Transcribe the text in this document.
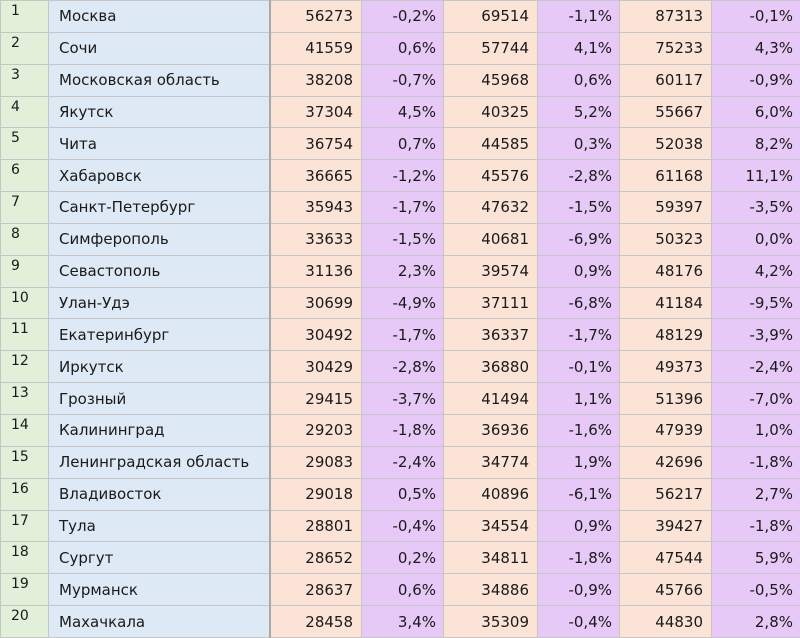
1	Москва	56273	-0,2%	69514	-1,1%	87313	-0,1%
2	Сочи	41559	0,6%	57744	4,1%	75233	4,3%
3	Московская область	38208	-0,7%	45968	0,6%	60117	-0,9%
4	Якутск	37304	4,5%	40325	5,2%	55667	6,0%
5	Чита	36754	0,7%	44585	0,3%	52038	8,2%
6	Хабаровск	36665	-1,2%	45576	-2,8%	61168	11,1%
7	Санкт-Петербург	35943	-1,7%	47632	-1,5%	59397	-3,5%
8	Симферополь	33633	-1,5%	40681	-6,9%	50323	0,0%
9	Севастополь	31136	2,3%	39574	0,9%	48176	4,2%
10	Улан-Удэ	30699	-4,9%	37111	-6,8%	41184	-9,5%
11	Екатеринбург	30492	-1,7%	36337	-1,7%	48129	-3,9%
12	Иркутск	30429	-2,8%	36880	-0,1%	49373	-2,4%
13	Грозный	29415	-3,7%	41494	1,1%	51396	-7,0%
14	Калининград	29203	-1,8%	36936	-1,6%	47939	1,0%
15	Ленинградская область	29083	-2,4%	34774	1,9%	42696	-1,8%
16	Владивосток	29018	0,5%	40896	-6,1%	56217	2,7%
17	Тула	28801	-0,4%	34554	0,9%	39427	-1,8%
18	Сургут	28652	0,2%	34811	-1,8%	47544	5,9%
19	Мурманск	28637	0,6%	34886	-0,9%	45766	-0,5%
20	Махачкала	28458	3,4%	35309	-0,4%	44830	2,8%
